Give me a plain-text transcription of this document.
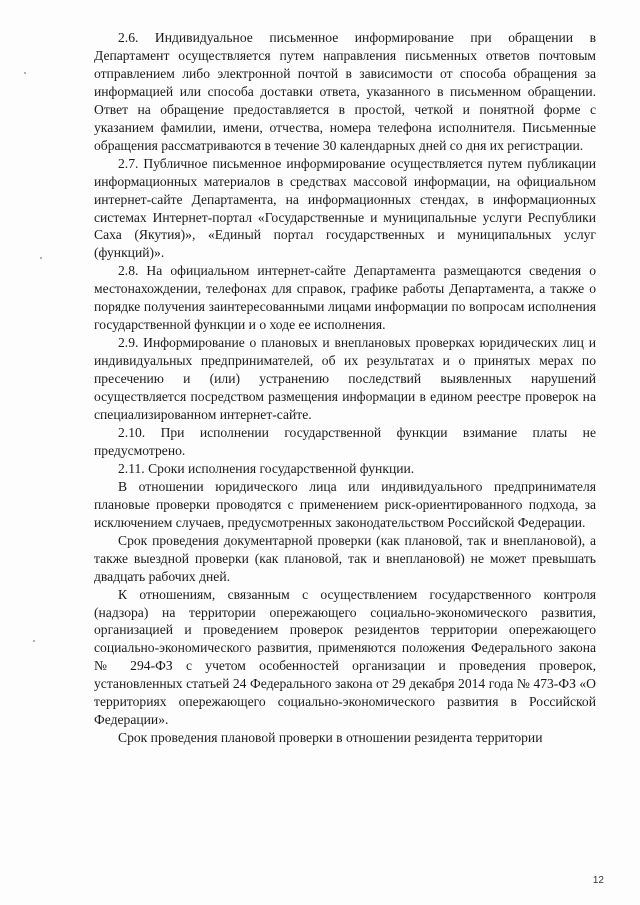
2.6. Индивидуальное письменное информирование при обращении в Департамент осуществляется путем направления письменных ответов почтовым отправлением либо электронной почтой в зависимости от способа обращения за информацией или способа доставки ответа, указанного в письменном обращении. Ответ на обращение предоставляется в простой, четкой и понятной форме с указанием фамилии, имени, отчества, номера телефона исполнителя. Письменные обращения рассматриваются в течение 30 календарных дней со дня их регистрации.

2.7. Публичное письменное информирование осуществляется путем публикации информационных материалов в средствах массовой информации, на официальном интернет-сайте Департамента, на информационных стендах, в информационных системах Интернет-портал «Государственные и муниципальные услуги Республики Саха (Якутия)», «Единый портал государственных и муниципальных услуг (функций)».

2.8. На официальном интернет-сайте Департамента размещаются сведения о местонахождении, телефонах для справок, графике работы Департамента, а также о порядке получения заинтересованными лицами информации по вопросам исполнения государственной функции и о ходе ее исполнения.

2.9. Информирование о плановых и внеплановых проверках юридических лиц и индивидуальных предпринимателей, об их результатах и о принятых мерах по пресечению и (или) устранению последствий выявленных нарушений осуществляется посредством размещения информации в едином реестре проверок на специализированном интернет-сайте.

2.10. При исполнении государственной функции взимание платы не предусмотрено.

2.11. Сроки исполнения государственной функции.

В отношении юридического лица или индивидуального предпринимателя плановые проверки проводятся с применением риск-ориентированного подхода, за исключением случаев, предусмотренных законодательством Российской Федерации.

Срок проведения документарной проверки (как плановой, так и внеплановой), а также выездной проверки (как плановой, так и внеплановой) не может превышать двадцать рабочих дней.

К отношениям, связанным с осуществлением государственного контроля (надзора) на территории опережающего социально-экономического развития, организацией и проведением проверок резидентов территории опережающего социально-экономического развития, применяются положения Федерального закона № 294-ФЗ с учетом особенностей организации и проведения проверок, установленных статьей 24 Федерального закона от 29 декабря 2014 года № 473-ФЗ «О территориях опережающего социально-экономического развития в Российской Федерации».

Срок проведения плановой проверки в отношении резидента территории

12
